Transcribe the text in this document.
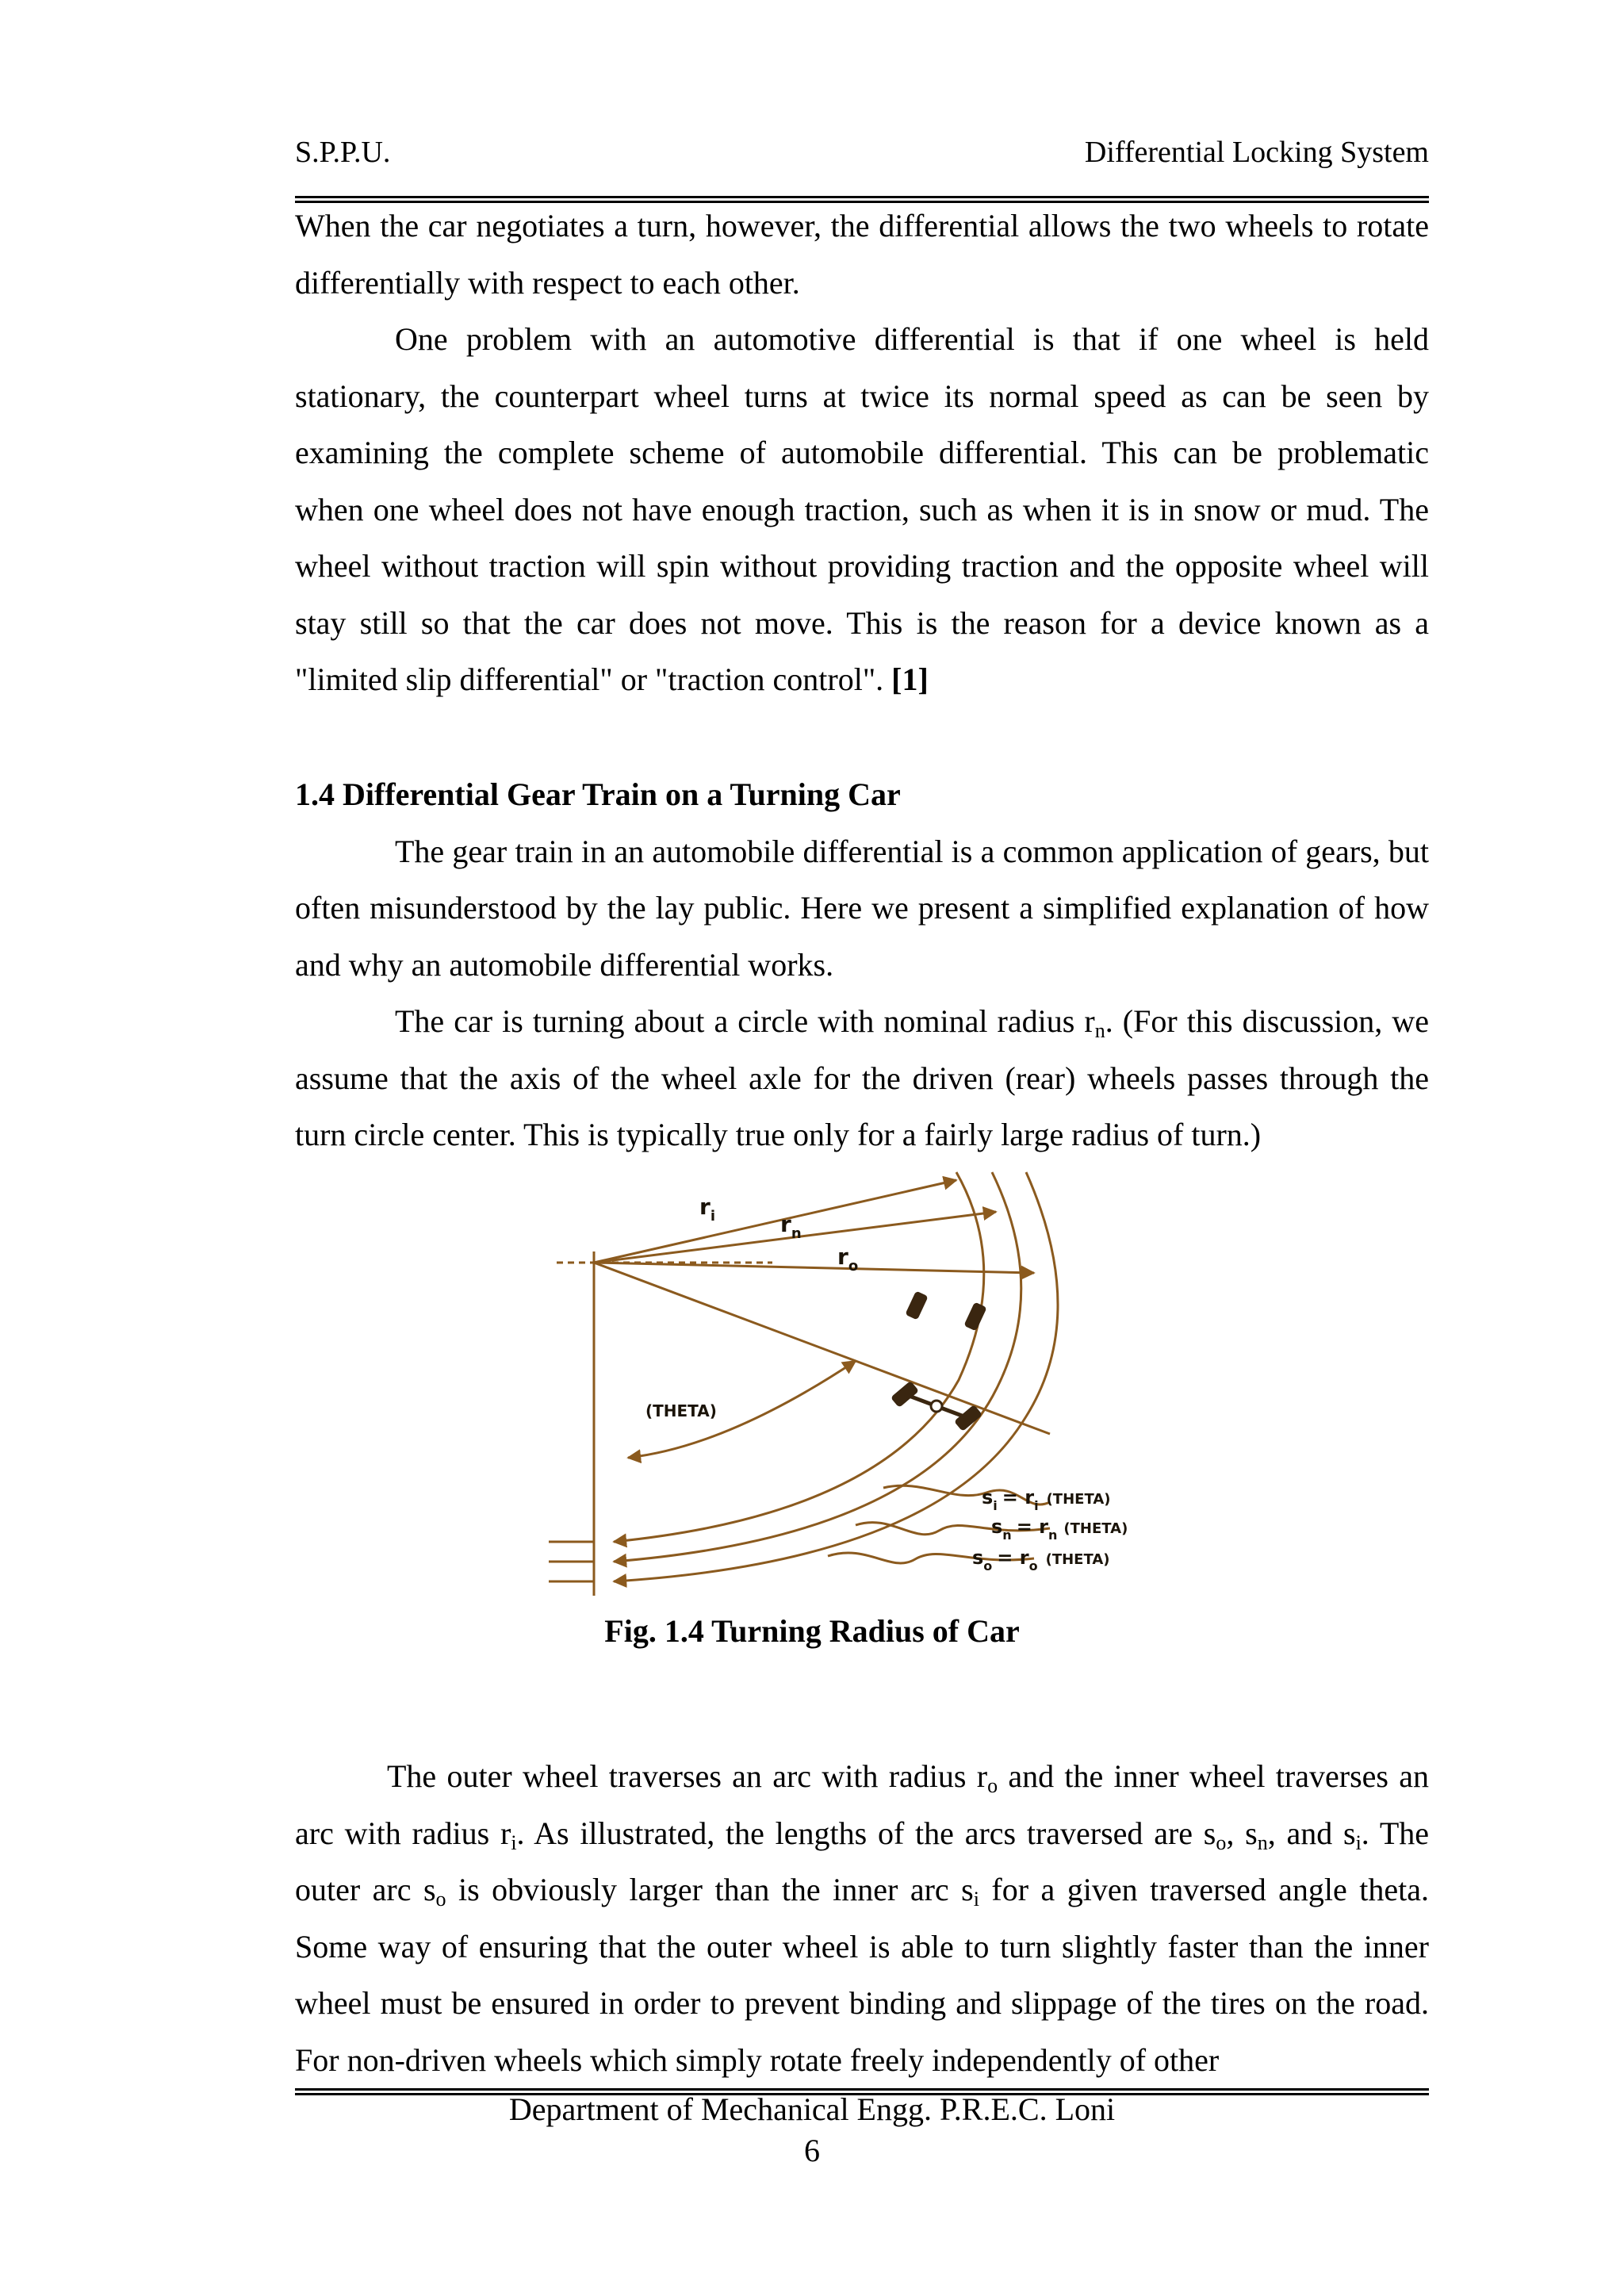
S.P.P.U.	Differential Locking System

When the car negotiates a turn, however, the differential allows the two wheels to rotate differentially with respect to each other.

One problem with an automotive differential is that if one wheel is held stationary, the counterpart wheel turns at twice its normal speed as can be seen by examining the complete scheme of automobile differential. This can be problematic when one wheel does not have enough traction, such as when it is in snow or mud. The wheel without traction will spin without providing traction and the opposite wheel will stay still so that the car does not move. This is the reason for a device known as a "limited slip differential" or "traction control". [1]

1.4 Differential Gear Train on a Turning Car

The gear train in an automobile differential is a common application of gears, but often misunderstood by the lay public. Here we present a simplified explanation of how and why an automobile differential works.

The car is turning about a circle with nominal radius $r_n$. (For this discussion, we assume that the axis of the wheel axle for the driven (rear) wheels passes through the turn circle center. This is typically true only for a fairly large radius of turn.)

$r_i$	$r_n$
$r_o$
(THETA)
$s_i = r_i$ $^{(THETA)}$
$s_n = r_n$ $^{(THETA)}$
$s_o = r_o$ $^{(THETA)}$
Fig. 1.4 Turning Radius of Car

The outer wheel traverses an arc with radius $r_o$ and the inner wheel traverses an arc with radius $r_i$. As illustrated, the lengths of the arcs traversed are $s_o$, $s_n$, and $s_i$. The outer arc $s_o$ is obviously larger than the inner arc $s_i$ for a given traversed angle theta. Some way of ensuring that the outer wheel is able to turn slightly faster than the inner wheel must be ensured in order to prevent binding and slippage of the tires on the road. For non-driven wheels which simply rotate freely independently of other

Department of Mechanical Engg. P.R.E.C. Loni
6
